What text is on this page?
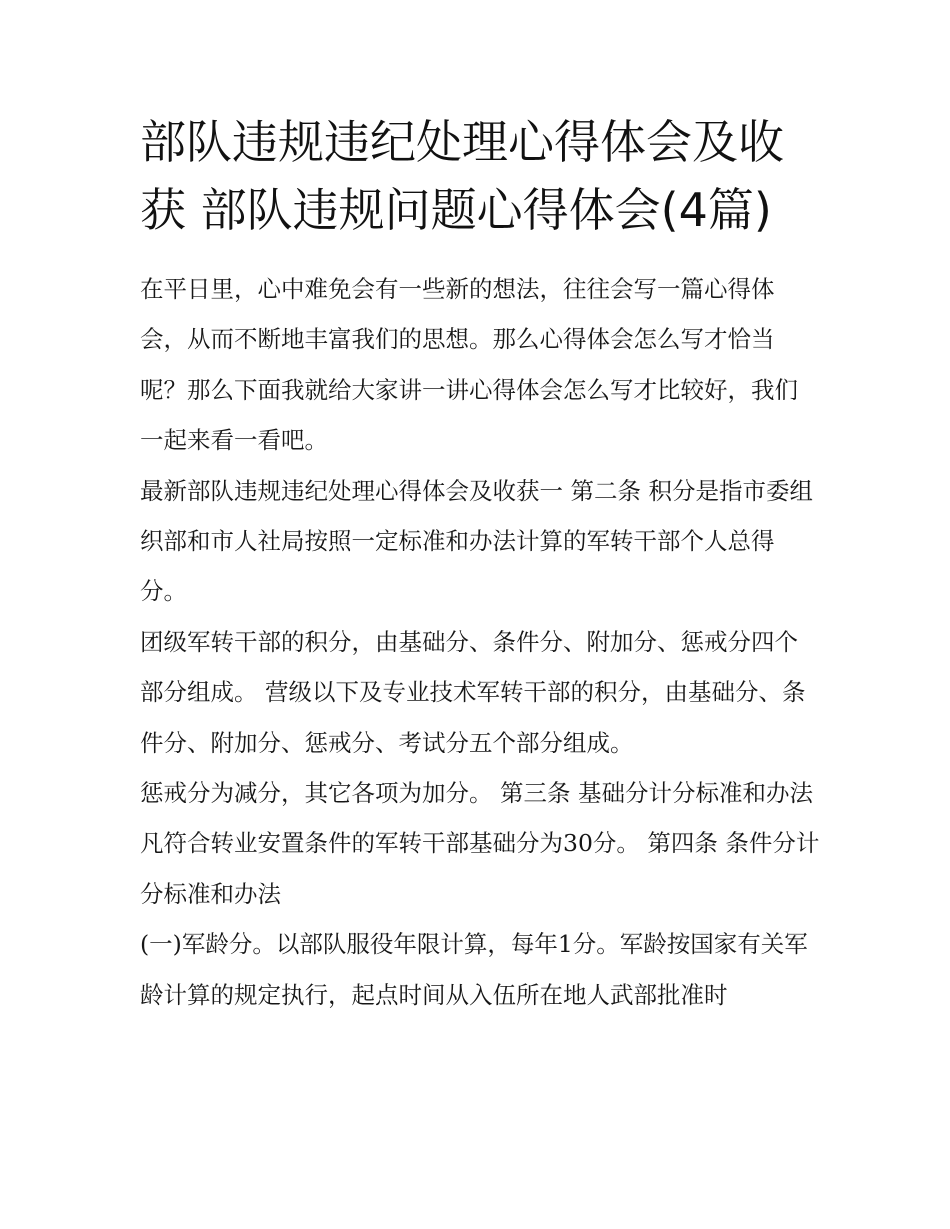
部队违规违纪处理心得体会及收获 部队违规问题心得体会(4篇)

在平日里，心中难免会有一些新的想法，往往会写一篇心得体会，从而不断地丰富我们的思想。那么心得体会怎么写才恰当呢？那么下面我就给大家讲一讲心得体会怎么写才比较好，我们一起来看一看吧。

最新部队违规违纪处理心得体会及收获一 第二条 积分是指市委组织部和市人社局按照一定标准和办法计算的军转干部个人总得分。

团级军转干部的积分，由基础分、条件分、附加分、惩戒分四个部分组成。 营级以下及专业技术军转干部的积分，由基础分、条件分、附加分、惩戒分、考试分五个部分组成。

惩戒分为减分，其它各项为加分。 第三条 基础分计分标准和办法 凡符合转业安置条件的军转干部基础分为30分。 第四条 条件分计分标准和办法

(一)军龄分。以部队服役年限计算，每年1分。军龄按国家有关军龄计算的规定执行，起点时间从入伍所在地人武部批准时
